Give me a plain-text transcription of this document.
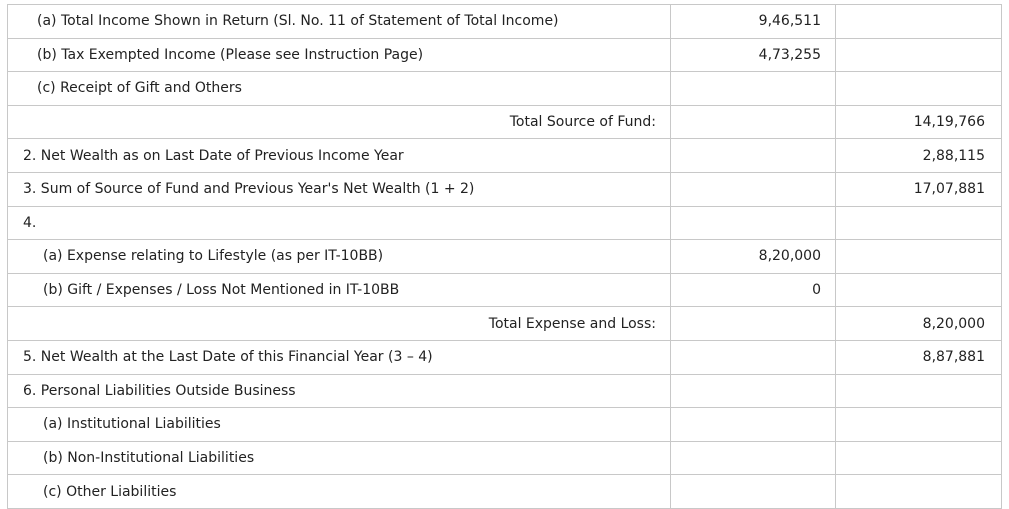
(a) Total Income Shown in Return (Sl. No. 11 of Statement of Total Income)	9,46,511	
(b) Tax Exempted Income (Please see Instruction Page)	4,73,255	
(c) Receipt of Gift and Others		
Total Source of Fund:		14,19,766
2. Net Wealth as on Last Date of Previous Income Year		2,88,115
3. Sum of Source of Fund and Previous Year's Net Wealth (1 + 2)		17,07,881
4.		
(a) Expense relating to Lifestyle (as per IT-10BB)	8,20,000	
(b) Gift / Expenses / Loss Not Mentioned in IT-10BB	0	
Total Expense and Loss:		8,20,000
5. Net Wealth at the Last Date of this Financial Year (3 – 4)		8,87,881
6. Personal Liabilities Outside Business		
(a) Institutional Liabilities		
(b) Non-Institutional Liabilities		
(c) Other Liabilities		
